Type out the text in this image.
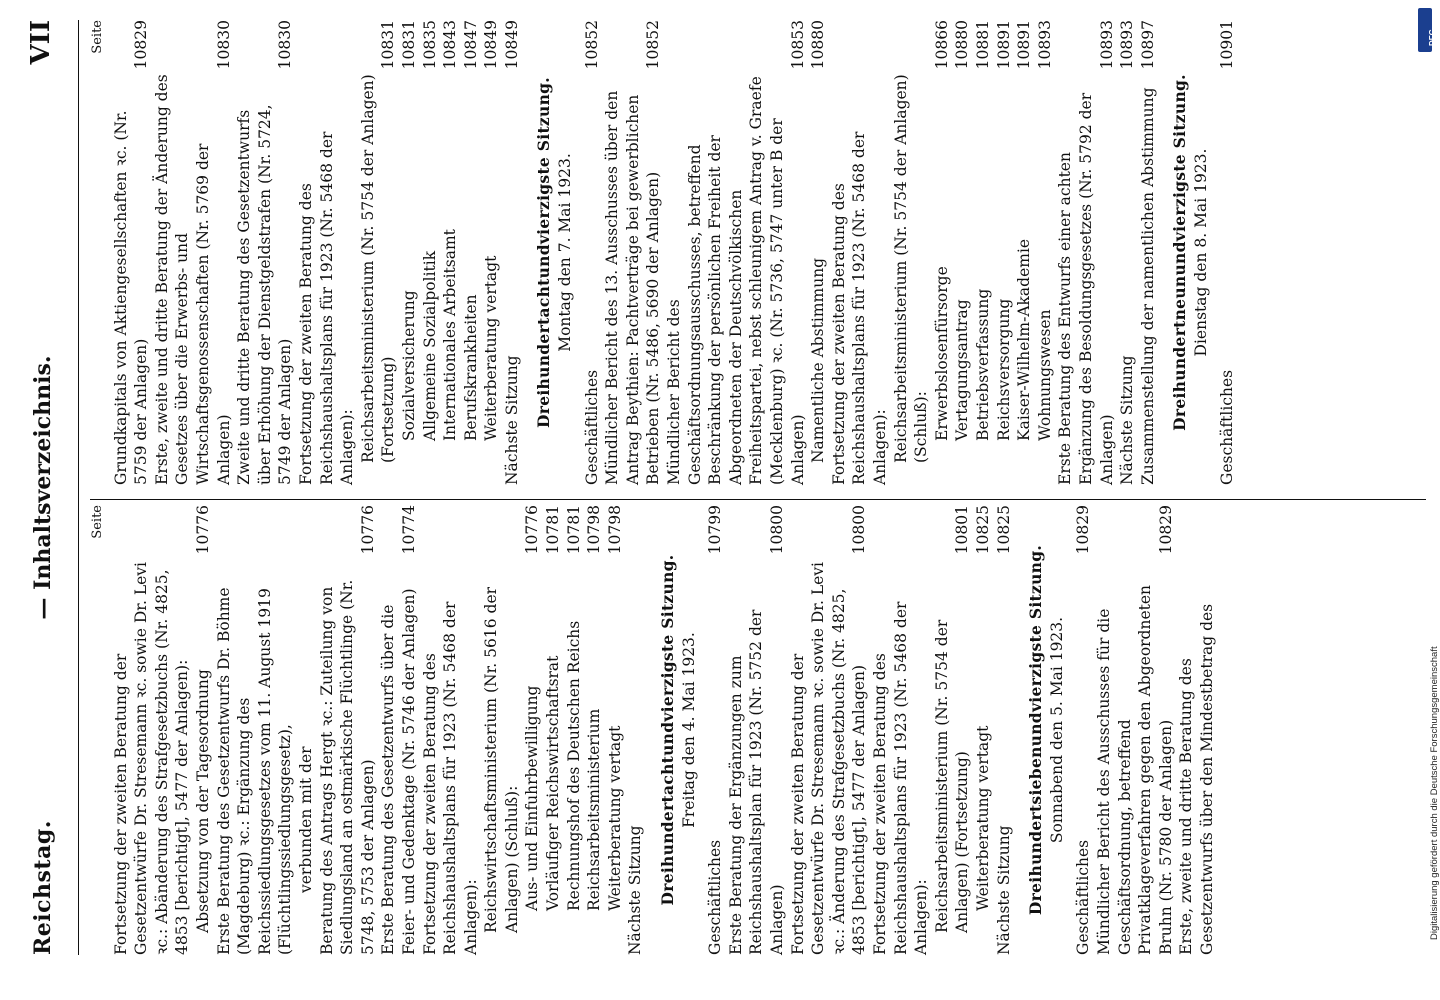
Reichstag.
— Inhaltsverzeichnis.
VII
Seite
Fortsetzung der zweiten Beratung der Gesetzentwürfe Dr. Stresemann ꝛc. sowie Dr. Levi ꝛc.: Abänderung des Strafgesetzbuchs (Nr. 4825, 4853 [berichtigt], 5477 der Anlagen): Absetzung von der Tagesordnung
10776
Erste Beratung des Gesetzentwurfs Dr. Böhme (Magdeburg) ꝛc.: Ergänzung des Reichssiedlungsgesetzes vom 11. August 1919 (Flüchtlingssiedlungsgesetz), verbunden mit der Beratung des Antrags Hergt ꝛc.: Zuteilung von Siedlungsland an ostmärkische Flüchtlinge (Nr. 5748, 5753 der Anlagen)
10776
Erste Beratung des Gesetzentwurfs über die Feier- und Gedenktage (Nr. 5746 der Anlagen)
10774
Fortsetzung der zweiten Beratung des Reichshaushaltsplans für 1923 (Nr. 5468 der Anlagen): Reichswirtschaftsministerium (Nr. 5616 der Anlagen) (Schluß): Aus- und Einfuhrbewilligung
10776
Vorläufiger Reichswirtschaftsrat
10781
Rechnungshof des Deutschen Reichs
10781
Reichsarbeitsministerium
10798
Weiterberatung vertagt
10798
Nächste Sitzung Dreihundertachtundvierzigste Sitzung. Freitag den 4. Mai 1923.
Geschäftliches
10799
Erste Beratung der Ergänzungen zum Reichshaushaltsplan für 1923 (Nr. 5752 der Anlagen)
10800
Fortsetzung der zweiten Beratung der Gesetzentwürfe Dr. Stresemann ꝛc. sowie Dr. Levi ꝛc.: Änderung des Strafgesetzbuchs (Nr. 4825, 4853 [berichtigt], 5477 der Anlagen)
10800
Fortsetzung der zweiten Beratung des Reichshaushaltsplans für 1923 (Nr. 5468 der Anlagen): Reichsarbeitsministerium (Nr. 5754 der Anlagen) (Fortsetzung)
10801
Weiterberatung vertagt
10825
Nächste Sitzung
10825
Dreihundertsiebenundvierzigste Sitzung. Sonnabend den 5. Mai 1923.
Geschäftliches
10829
Mündlicher Bericht des Ausschusses für die Geschäftsordnung, betreffend Privatklageverfahren gegen den Abgeordneten Bruhn (Nr. 5780 der Anlagen)
10829
Erste, zweite und dritte Beratung des Gesetzentwurfs über den Mindestbetrag des
Seite
Grundkapitals von Aktiengesellschaften ꝛc. (Nr. 5759 der Anlagen)
10829
Erste, zweite und dritte Beratung der Änderung des Gesetzes über die Erwerbs- und Wirtschaftsgenossenschaften (Nr. 5769 der Anlagen)
10830
Zweite und dritte Beratung des Gesetzentwurfs über Erhöhung der Dienstgeldstrafen (Nr. 5724, 5749 der Anlagen)
10830
Fortsetzung der zweiten Beratung des Reichshaushaltsplans für 1923 (Nr. 5468 der Anlagen): Reichsarbeitsministerium (Nr. 5754 der Anlagen) (Fortsetzung)
10831
Sozialversicherung
10831
Allgemeine Sozialpolitik
10835
Internationales Arbeitsamt
10843
Berufskrankheiten
10847
Weiterberatung vertagt
10849
Nächste Sitzung
10849
Dreihundertachtundvierzigste Sitzung. Montag den 7. Mai 1923.
Geschäftliches
10852
Mündlicher Bericht des 13. Ausschusses über den Antrag Beythien: Pachtverträge bei gewerblichen Betrieben (Nr. 5486, 5690 der Anlagen)
10852
Mündlicher Bericht des Geschäftsordnungsausschusses, betreffend Beschränkung der persönlichen Freiheit der Abgeordneten der Deutschvölkischen Freiheitspartei, nebst schleunigem Antrag v. Graefe (Mecklenburg) ꝛc. (Nr. 5736, 5747 unter B der Anlagen)
10853
Namentliche Abstimmung
10880
Fortsetzung der zweiten Beratung des Reichshaushaltsplans für 1923 (Nr. 5468 der Anlagen): Reichsarbeitsministerium (Nr. 5754 der Anlagen) (Schluß): Erwerbslosenfürsorge
10866
Vertagungsantrag
10880
Betriebsverfassung
10881
Reichsversorgung
10891
Kaiser-Wilhelm-Akademie
10891
Wohnungswesen
10893
Erste Beratung des Entwurfs einer achten Ergänzung des Besoldungsgesetzes (Nr. 5792 der Anlagen)
10893
Nächste Sitzung
10893
Zusammenstellung der namentlichen Abstimmung
10897
Dreihundertneunundvierzigste Sitzung. Dienstag den 8. Mai 1923.
Geschäftliches
10901	DFG
Digitalisierung gefördert durch die Deutsche Forschungsgemeinschaft
